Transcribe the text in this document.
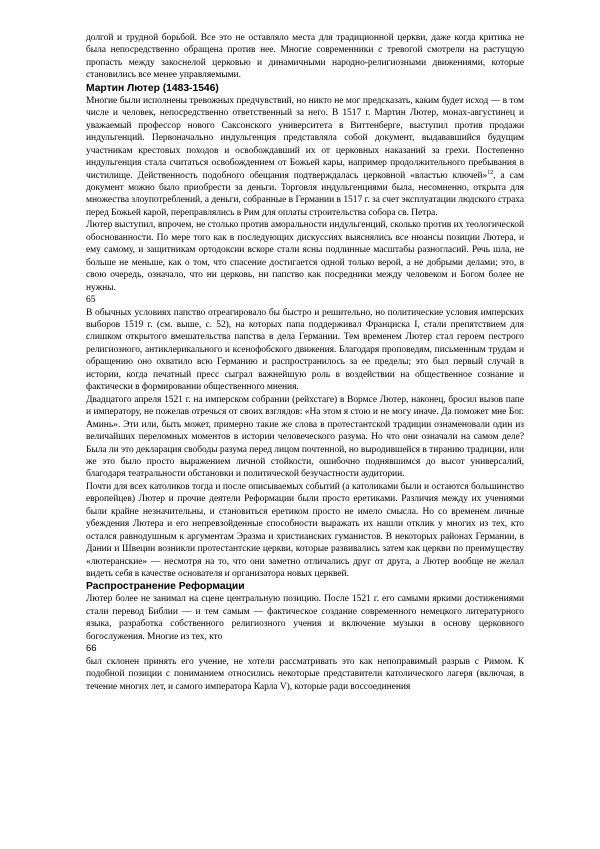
долгой и трудной борьбой. Все это не оставляло места для традиционной церкви, даже когда критика не была непосредственно обращена против нее. Многие современники с тревогой смотрели на растущую пропасть между закоснелой церковью и динамичными народно-религиозными движениями, которые становились все менее управляемыми.

Мартин Лютер (1483-1546)

Многие были исполнены тревожных предчувствий, но никто не мог предсказать, каким будет исход — в том числе и человек, непосредственно ответственный за него. В 1517 г. Мартин Лютер, монах-августинец и уважаемый профессор нового Саксонского университета в Виттенберге, выступил против продажи индульгенций. Первоначально индульгенция представляла собой документ, выдававшийся будущим участникам крестовых походов и освобождавший их от церковных наказаний за грехи. Постепенно индульгенция стала считаться освобождением от Божьей кары, например продолжительного пребывания в чистилище. Действенность подобного обещания подтверждалась церковной «властью ключей»$^{12}$, а сам документ можно было приобрести за деньги. Торговля индульгенциями была, несомненно, открыта для множества злоупотреблений, а деньги, собранные в Германии в 1517 г. за счет эксплуатации людского страха перед Божьей карой, переправлялись в Рим для оплаты строительства собора св. Петра.

Лютер выступил, впрочем, не столько против аморальности индульгенций, сколько против их теологической обоснованности. По мере того как в последующих дискуссиях выяснялись все нюансы позиции Лютера, и ему самому, и защитникам ортодоксии вскоре стали ясны подлинные масштабы разногласий. Речь шла, не больше не меньше, как о том, что спасение достигается одной только верой, а не добрыми делами; это, в свою очередь, означало, что ни церковь, ни папство как посредники между человеком и Богом более не нужны.

65

В обычных условиях папство отреагировало бы быстро и решительно, но политические условия имперских выборов 1519 г. (см. выше, с. 52), на которых папа поддерживал Франциска I, стали препятствием для слишком открытого вмешательства папства в дела Германии. Тем временем Лютер стал героем пестрого религиозного, антиклерикального и ксенофобского движения. Благодаря проповедям, письменным трудам и обращению оно охватило всю Германию и распространилось за ее пределы; это был первый случай в истории, когда печатный пресс сыграл важнейшую роль в воздействии на общественное сознание и фактически в формировании общественного мнения.

Двадцатого апреля 1521 г. на имперском собрании (рейхстаге) в Вормсе Лютер, наконец, бросил вызов папе и императору, не пожелав отречься от своих взглядов: «На этом я стою и не могу иначе. Да поможет мне Бог. Аминь». Эти или, быть может, примерно такие же слова в протестантской традиции ознаменовали один из величайших переломных моментов в истории человеческого разума. Но что они означали на самом деле? Была ли это декларация свободы разума перед лицом почтенной, но выродившейся в тиранию традиции, или же это было просто выражением личной стойкости, ошибочно поднявшимся до высот универсалий, благодаря театральности обстановки и политической безучастности аудитории.

Почти для всех католиков тогда и после описываемых событий (а католиками были и остаются большинство европейцев) Лютер и прочие деятели Реформации были просто еретиками. Различия между их учениями были крайне незначительны, и становиться еретиком просто не имело смысла. Но со временем личные убеждения Лютера и его непревзойденные способности выражать их нашли отклик у многих из тех, кто остался равнодушным к аргументам Эразма и христианских гуманистов. В некоторых районах Германии, в Дании и Швеции возникли протестантские церкви, которые развивались затем как церкви по преимуществу «лютеранские» — несмотря на то, что они заметно отличались друг от друга, а Лютер вообще не желал видеть себя в качестве основателя и организатора новых церквей.

Распространение Реформации

Лютер более не занимал на сцене центральную позицию. После 1521 г. его самыми яркими достижениями стали перевод Библии — и тем самым — фактическое создание современного немецкого литературного языка, разработка собственного религиозного учения и включение музыки в основу церковного богослужения. Многие из тех, кто

66

был склонен принять его учение, не хотели рассматривать это как непоправимый разрыв с Римом. К подобной позиции с пониманием относились некоторые представители католического лагеря (включая, в течение многих лет, и самого императора Карла V), которые ради воссоединения
